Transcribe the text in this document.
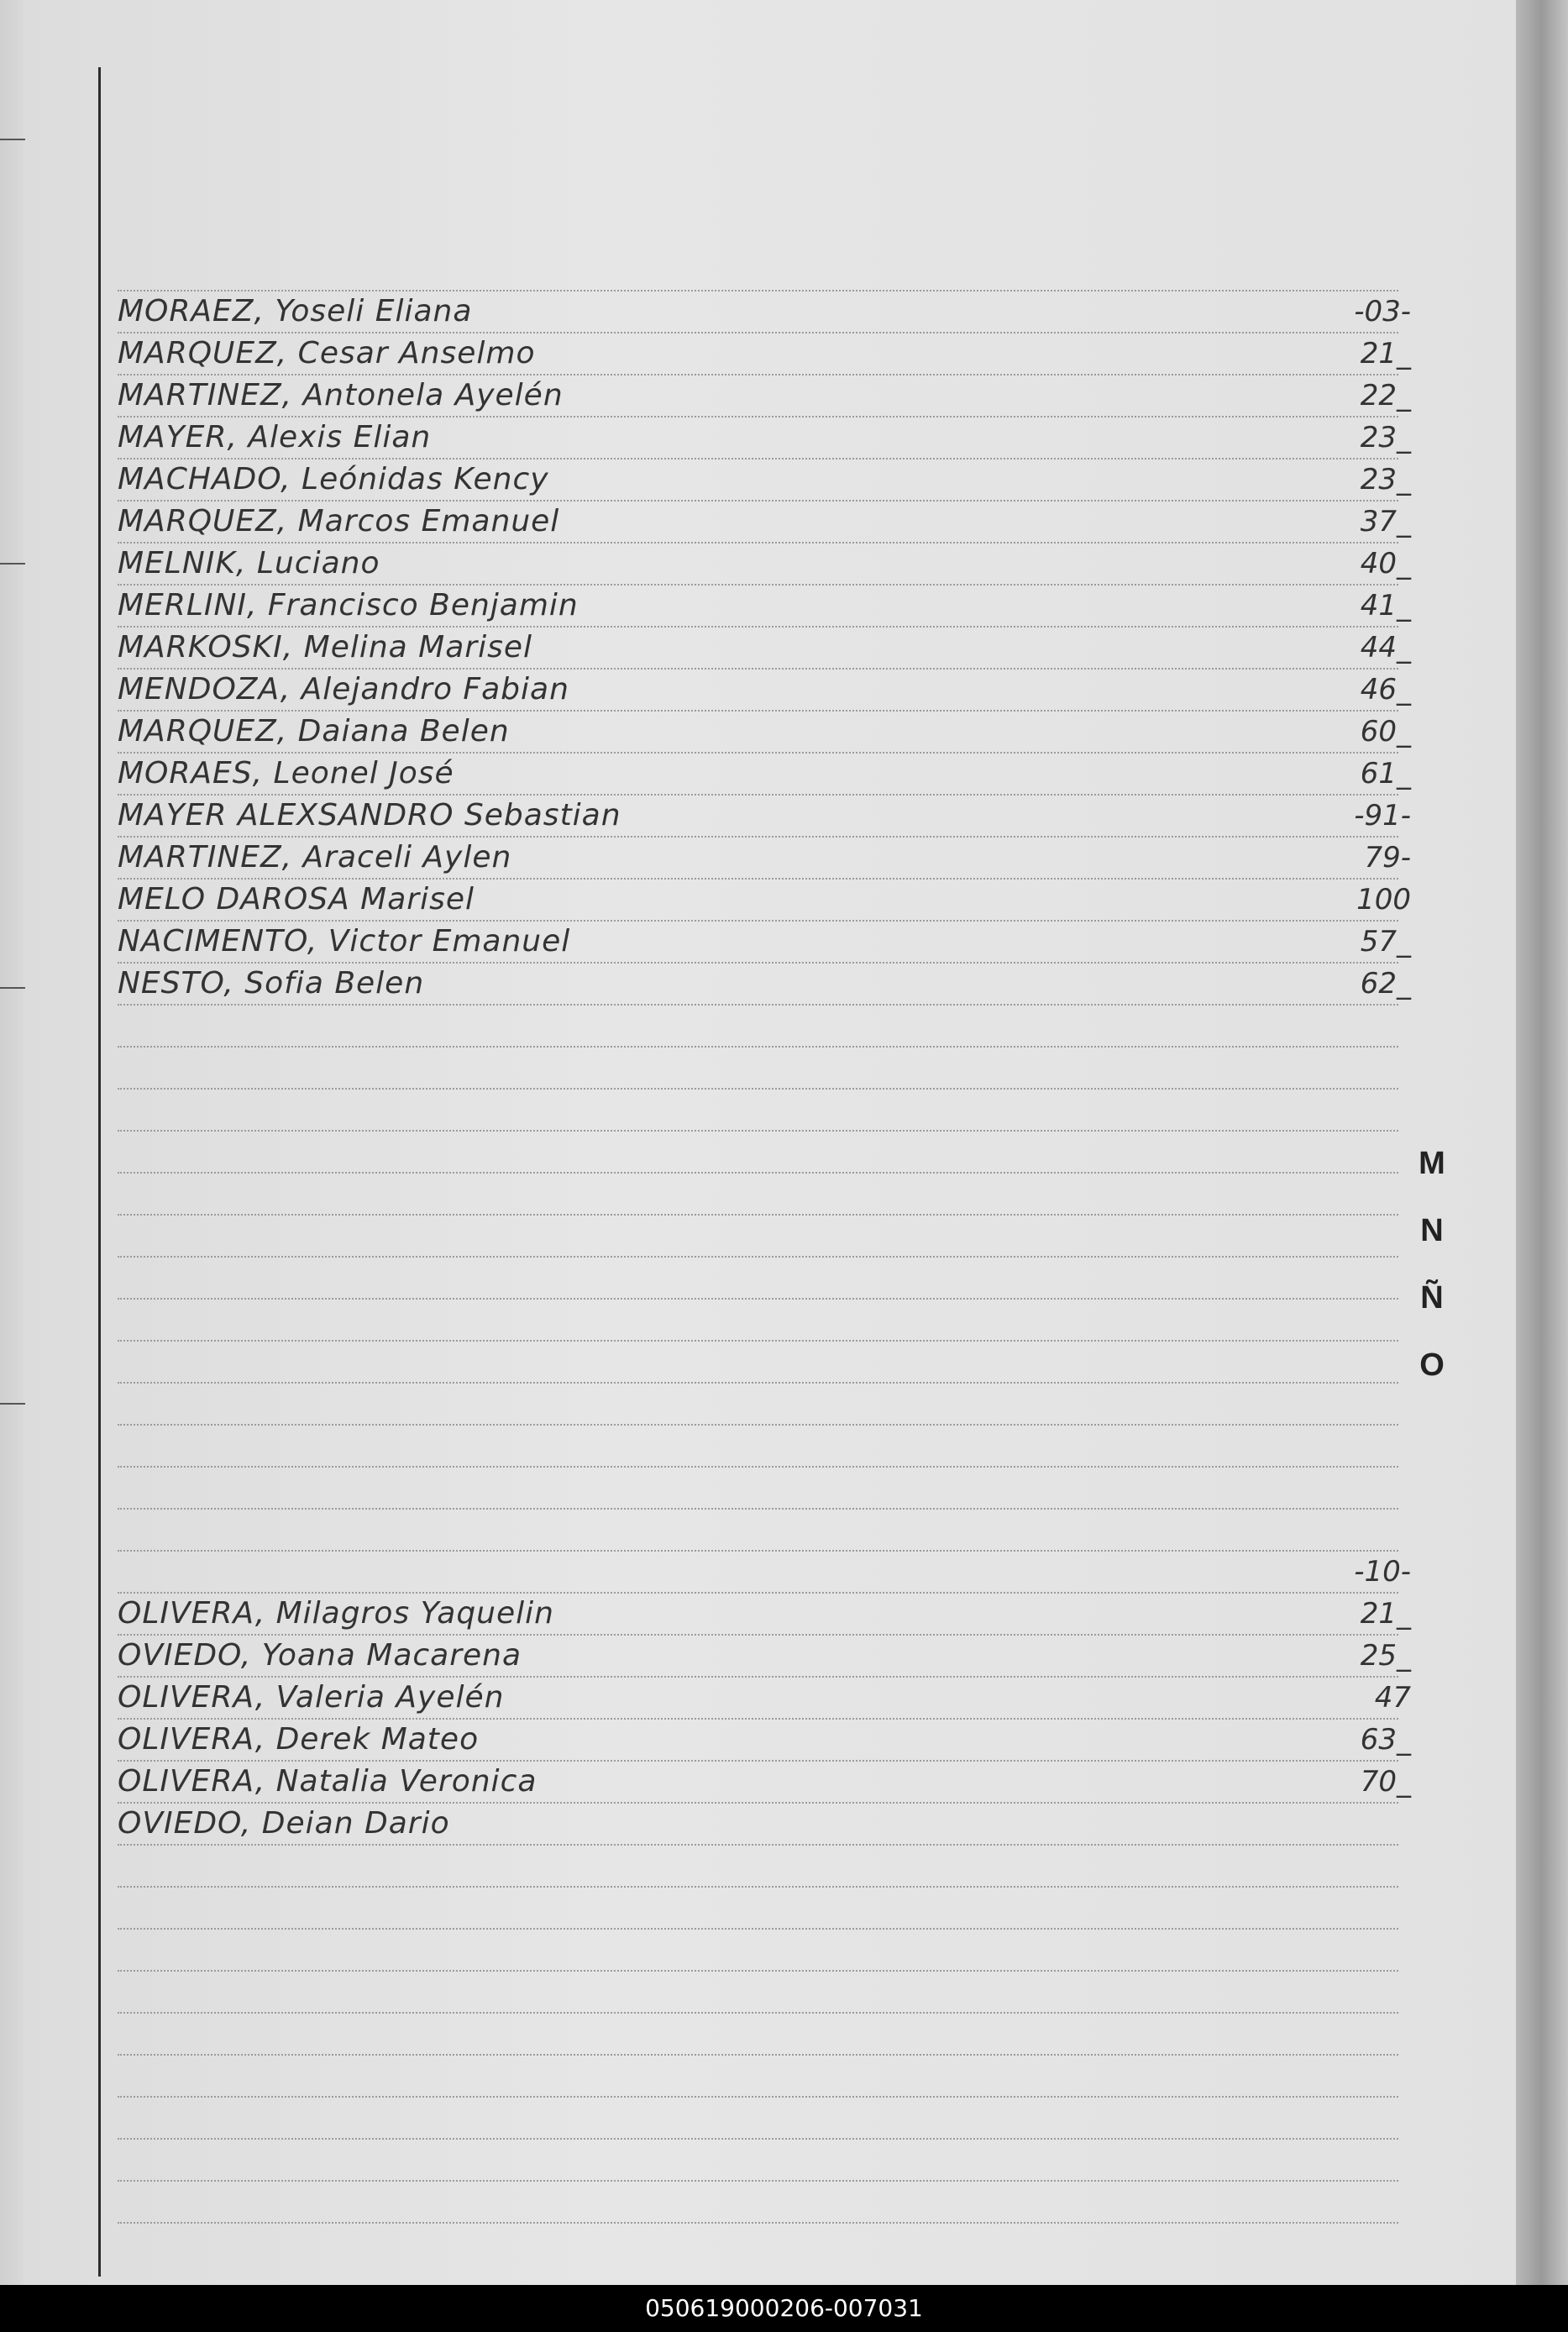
MORAEZ, Yoseli Eliana	-03-
MARQUEZ, Cesar Anselmo	21_
MARTINEZ, Antonela Ayelén	22_
MAYER, Alexis Elian	23_
MACHADO, Leónidas Kency	23_
MARQUEZ, Marcos Emanuel	37_
MELNIK, Luciano	40_
MERLINI, Francisco Benjamin	41_
MARKOSKI, Melina Marisel	44_
MENDOZA, Alejandro Fabian	46_
MARQUEZ, Daiana Belen	60_
MORAES, Leonel José	61_
MAYER ALEXSANDRO Sebastian	-91-
MARTINEZ, Araceli Aylen	79-
MELO DAROSA Marisel	100
NACIMENTO, Victor Emanuel	57_
NESTO, Sofia Belen	62_
-10-
OLIVERA, Milagros Yaquelin	21_
OVIEDO, Yoana Macarena	25_
OLIVERA, Valeria Ayelén	47
OLIVERA, Derek Mateo	63_
OLIVERA, Natalia Veronica	70_
OVIEDO, Deian Dario
M
N
Ñ
O
050619000206-007031
